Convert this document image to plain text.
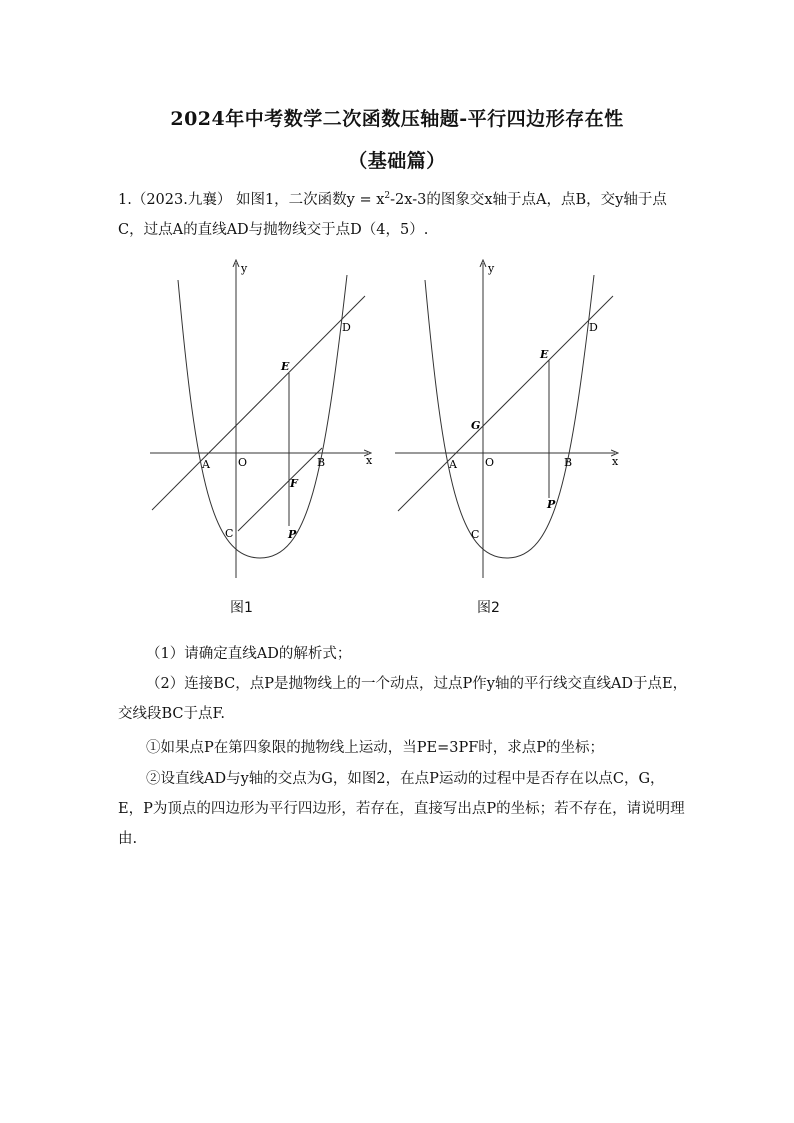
2024年中考数学二次函数压轴题-平行四边形存在性
（基础篇）

1.（2023.九襄） 如图1，二次函数$y = x^2-2x-3$的图象交x轴于点A，点B，交y轴于点C，过点A的直线AD与抛物线交于点D（4，5）.

y
x
O
A	B
C
D
E
F
P
y
x
O
A	B
C
D
E
G
P
图1	图2

（1）请确定直线AD的解析式；

（2）连接BC，点P是抛物线上的一个动点，过点P作y轴的平行线交直线AD于点E，交线段BC于点F.

①如果点P在第四象限的抛物线上运动，当PE=3PF时，求点P的坐标；

②设直线AD与y轴的交点为G，如图2，在点P运动的过程中是否存在以点C，G，E，P为顶点的四边形为平行四边形，若存在，直接写出点P的坐标；若不存在，请说明理由.
